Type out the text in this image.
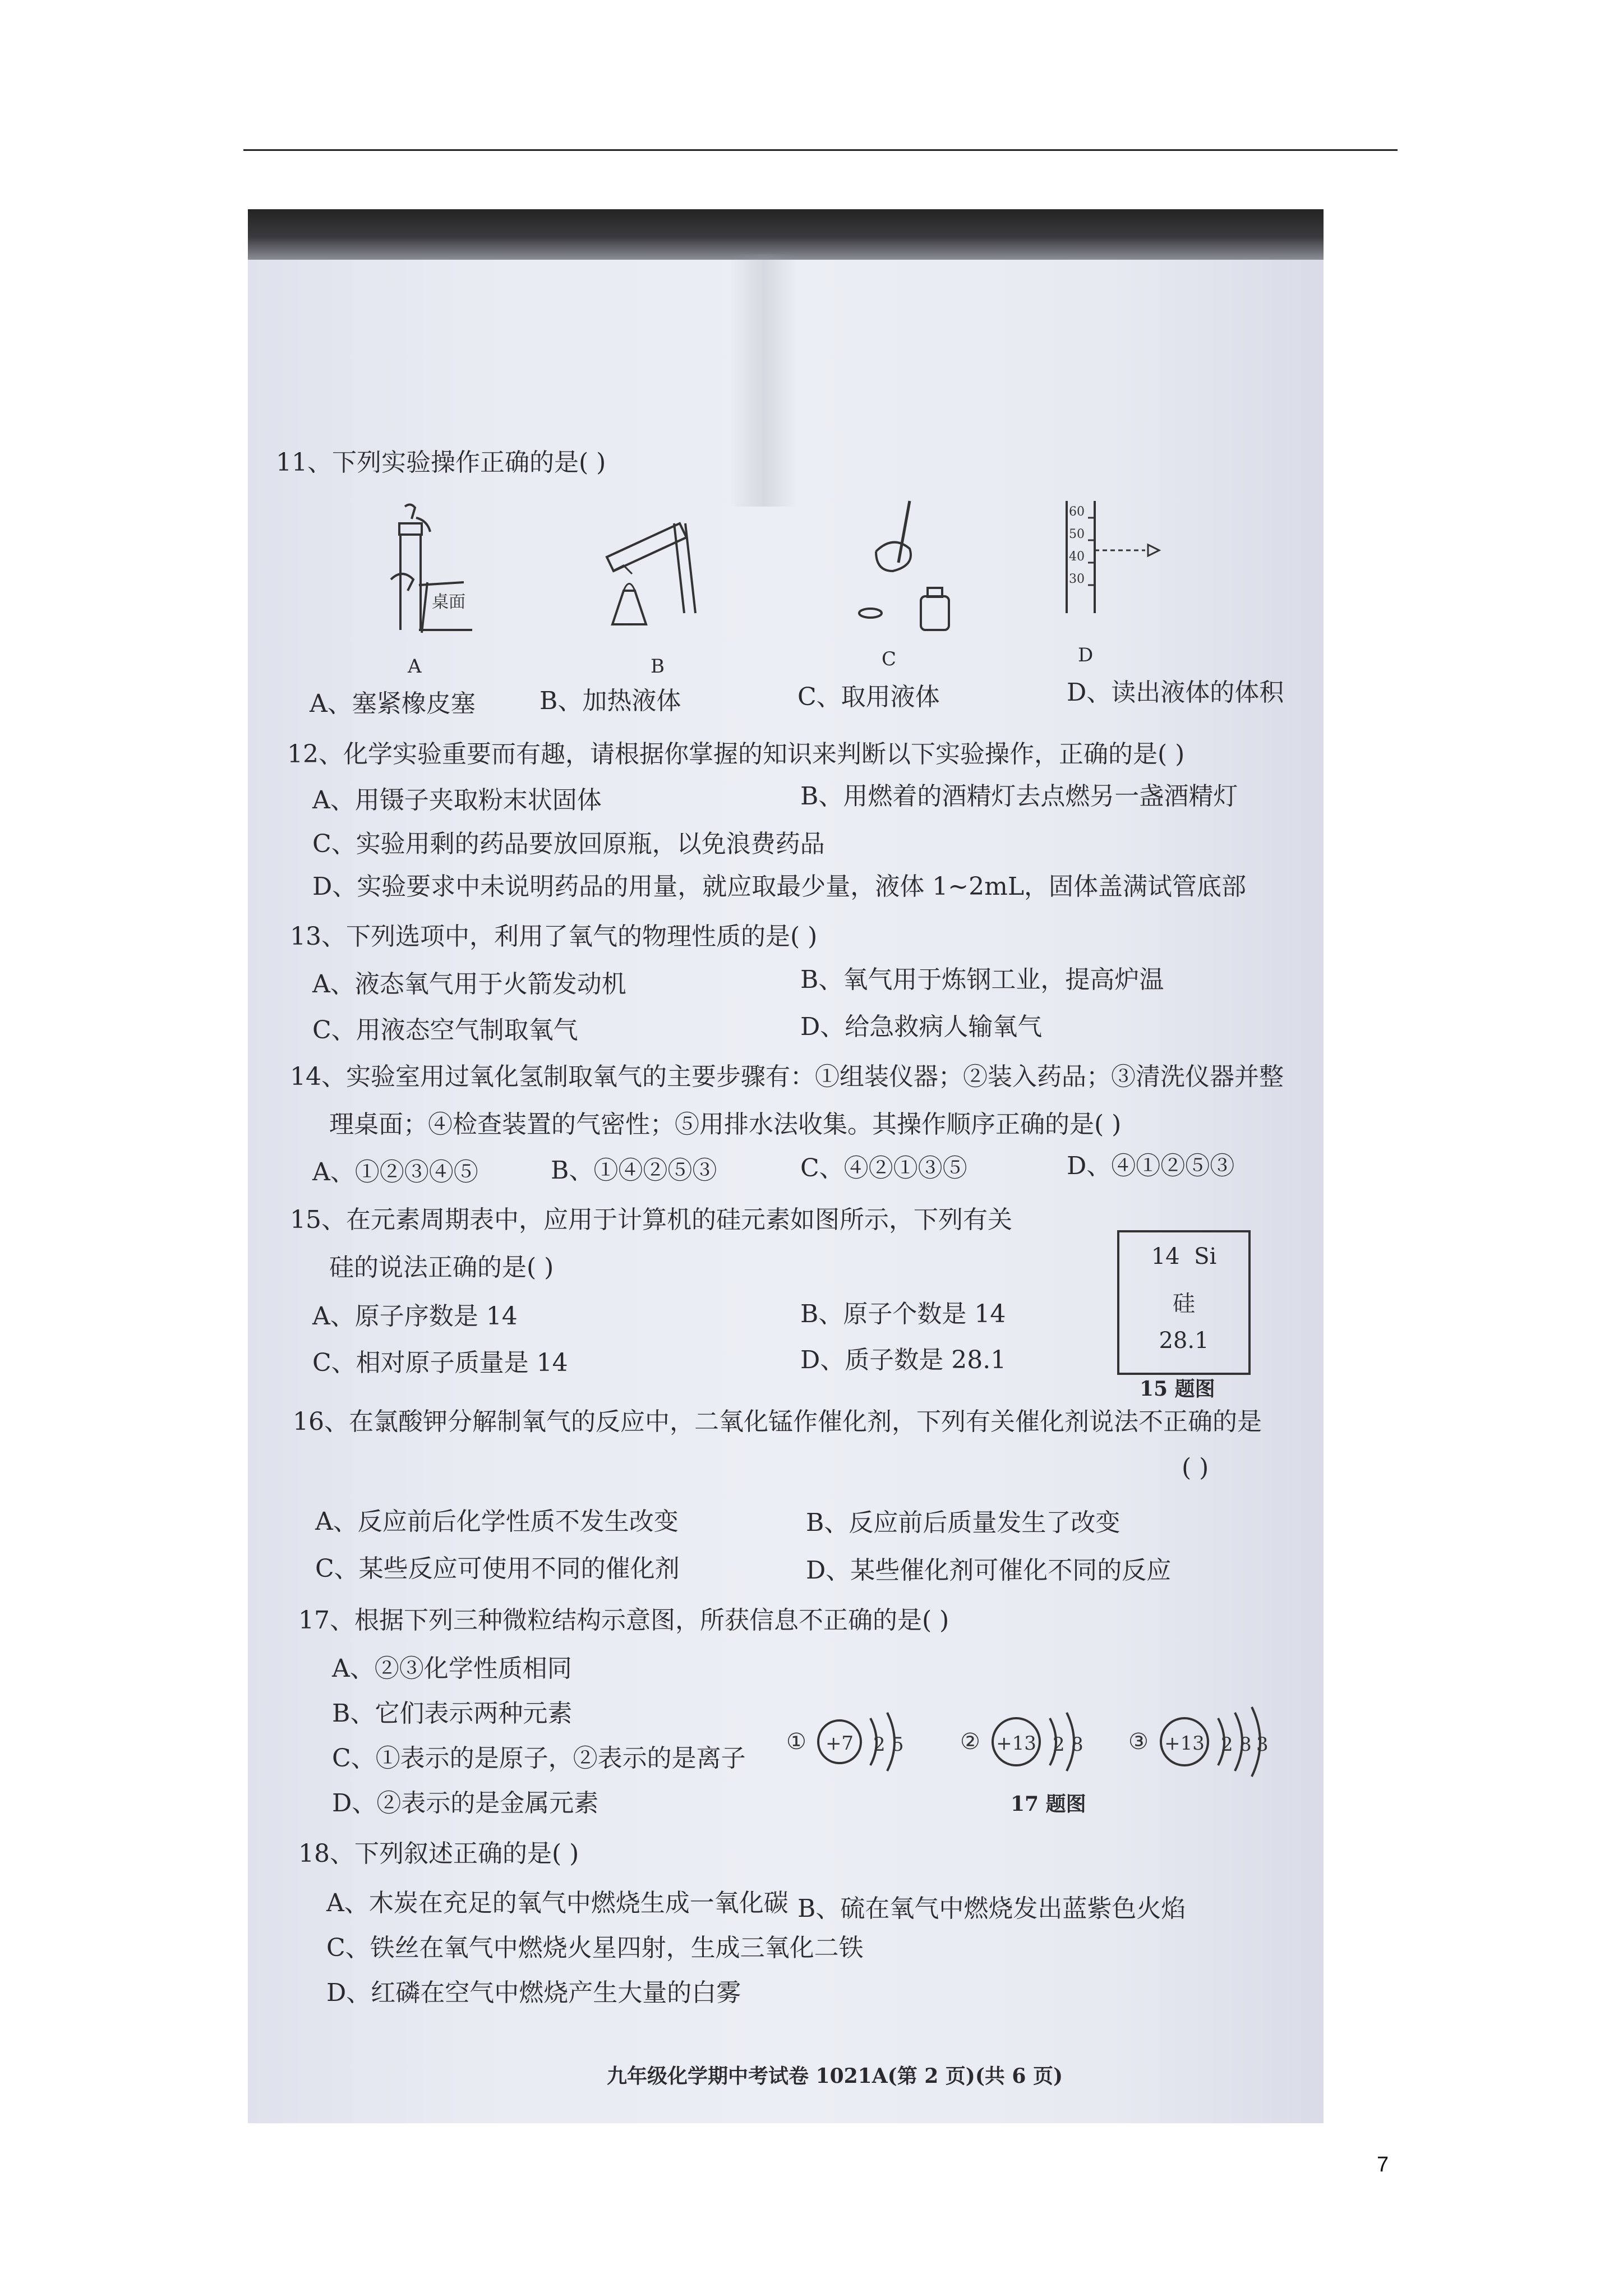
11、下列实验操作正确的是( )
桌面
A	B	C
60
50
40
30
D
A、塞紧橡皮塞	B、加热液体	C、取用液体	D、读出液体的体积
12、化学实验重要而有趣，请根据你掌握的知识来判断以下实验操作，正确的是( )
A、用镊子夹取粉末状固体	B、用燃着的酒精灯去点燃另一盏酒精灯
C、实验用剩的药品要放回原瓶，以免浪费药品
D、实验要求中未说明药品的用量，就应取最少量，液体 1~2mL，固体盖满试管底部
13、下列选项中，利用了氧气的物理性质的是( )
A、液态氧气用于火箭发动机	B、氧气用于炼钢工业，提高炉温
C、用液态空气制取氧气	D、给急救病人输氧气
14、实验室用过氧化氢制取氧气的主要步骤有：①组装仪器；②装入药品；③清洗仪器并整
理桌面；④检查装置的气密性；⑤用排水法收集。其操作顺序正确的是( )
A、①②③④⑤	B、①④②⑤③	C、④②①③⑤	D、④①②⑤③
15、在元素周期表中，应用于计算机的硅元素如图所示，下列有关
硅的说法正确的是( )
A、原子序数是 14	B、原子个数是 14
C、相对原子质量是 14	D、质子数是 28.1
14 Si
硅
28.1
15 题图
16、在氯酸钾分解制氧气的反应中，二氧化锰作催化剂，下列有关催化剂说法不正确的是
( )
A、反应前后化学性质不发生改变	B、反应前后质量发生了改变
C、某些反应可使用不同的催化剂	D、某些催化剂可催化不同的反应
17、根据下列三种微粒结构示意图，所获信息不正确的是( )
A、②③化学性质相同
B、它们表示两种元素
C、①表示的是原子，②表示的是离子
D、②表示的是金属元素
① +7 2 5	② +13 2 8 ③ +13 2 8 3
17 题图
18、下列叙述正确的是( )
A、木炭在充足的氧气中燃烧生成一氧化碳 B、硫在氧气中燃烧发出蓝紫色火焰
C、铁丝在氧气中燃烧火星四射，生成三氧化二铁
D、红磷在空气中燃烧产生大量的白雾
九年级化学期中考试卷 1021A(第 2 页)(共 6 页)
7
